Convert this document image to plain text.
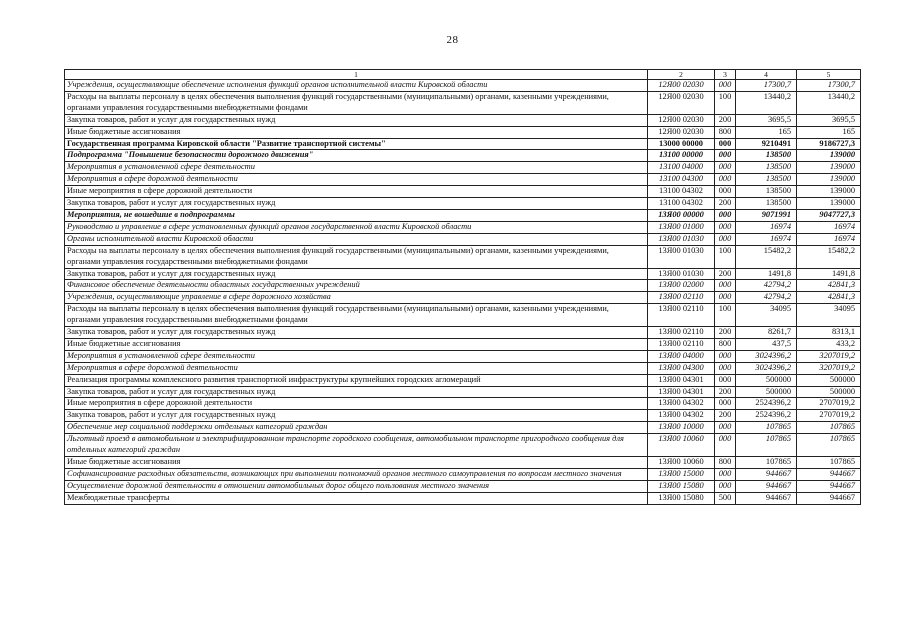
28
1	2	3	4	5
Учреждения, осуществляющие обеспечение исполнения функций органов исполнительной власти Кировской области	12Я00 02030	000	17300,7	17300,7
Расходы на выплаты персоналу в целях обеспечения выполнения функций государственными (муниципальными) органами, казенными учреждениями, органами управления государственными внебюджетными фондами	12Я00 02030	100	13440,2	13440,2
Закупка товаров, работ и услуг для государственных нужд	12Я00 02030	200	3695,5	3695,5
Иные бюджетные ассигнования	12Я00 02030	800	165	165
Государственная программа Кировской области "Развитие транспортной системы"	13000 00000	000	9210491	9186727,3
Подпрограмма "Повышение безопасности дорожного движения"	13100 00000	000	138500	139000
Мероприятия в установленной сфере деятельности	13100 04000	000	138500	139000
Мероприятия в сфере дорожной деятельности	13100 04300	000	138500	139000
Иные мероприятия в сфере дорожной деятельности	13100 04302	000	138500	139000
Закупка товаров, работ и услуг для государственных нужд	13100 04302	200	138500	139000
Мероприятия, не вошедшие в подпрограммы	13Я00 00000	000	9071991	9047727,3
Руководство и управление в сфере установленных функций органов государственной власти Кировской области	13Я00 01000	000	16974	16974
Органы исполнительной власти Кировской области	13Я00 01030	000	16974	16974
Расходы на выплаты персоналу в целях обеспечения выполнения функций государственными (муниципальными) органами, казенными учреждениями, органами управления государственными внебюджетными фондами	13Я00 01030	100	15482,2	15482,2
Закупка товаров, работ и услуг для государственных нужд	13Я00 01030	200	1491,8	1491,8
Финансовое обеспечение деятельности областных государственных учреждений	13Я00 02000	000	42794,2	42841,3
Учреждения, осуществляющие управление в сфере дорожного хозяйства	13Я00 02110	000	42794,2	42841,3
Расходы на выплаты персоналу в целях обеспечения выполнения функций государственными (муниципальными) органами, казенными учреждениями, органами управления государственными внебюджетными фондами	13Я00 02110	100	34095	34095
Закупка товаров, работ и услуг для государственных нужд	13Я00 02110	200	8261,7	8313,1
Иные бюджетные ассигнования	13Я00 02110	800	437,5	433,2
Мероприятия в установленной сфере деятельности	13Я00 04000	000	3024396,2	3207019,2
Мероприятия в сфере дорожной деятельности	13Я00 04300	000	3024396,2	3207019,2
Реализация программы комплексного развития транспортной инфраструктуры крупнейших городских агломераций	13Я00 04301	000	500000	500000
Закупка товаров, работ и услуг для государственных нужд	13Я00 04301	200	500000	500000
Иные мероприятия в сфере дорожной деятельности	13Я00 04302	000	2524396,2	2707019,2
Закупка товаров, работ и услуг для государственных нужд	13Я00 04302	200	2524396,2	2707019,2
Обеспечение мер социальной поддержки отдельных категорий граждан	13Я00 10000	000	107865	107865
Льготный проезд в автомобильном и электрифицированном транспорте городского сообщения, автомобильном транспорте пригородного сообщения для отдельных категорий граждан	13Я00 10060	000	107865	107865
Иные бюджетные ассигнования	13Я00 10060	800	107865	107865
Софинансирование расходных обязательств, возникающих при выполнении полномочий органов местного самоуправления по вопросам местного значения	13Я00 15000	000	944667	944667
Осуществление дорожной деятельности в отношении автомобильных дорог общего пользования местного значения	13Я00 15080	000	944667	944667
Межбюджетные трансферты	13Я00 15080	500	944667	944667
